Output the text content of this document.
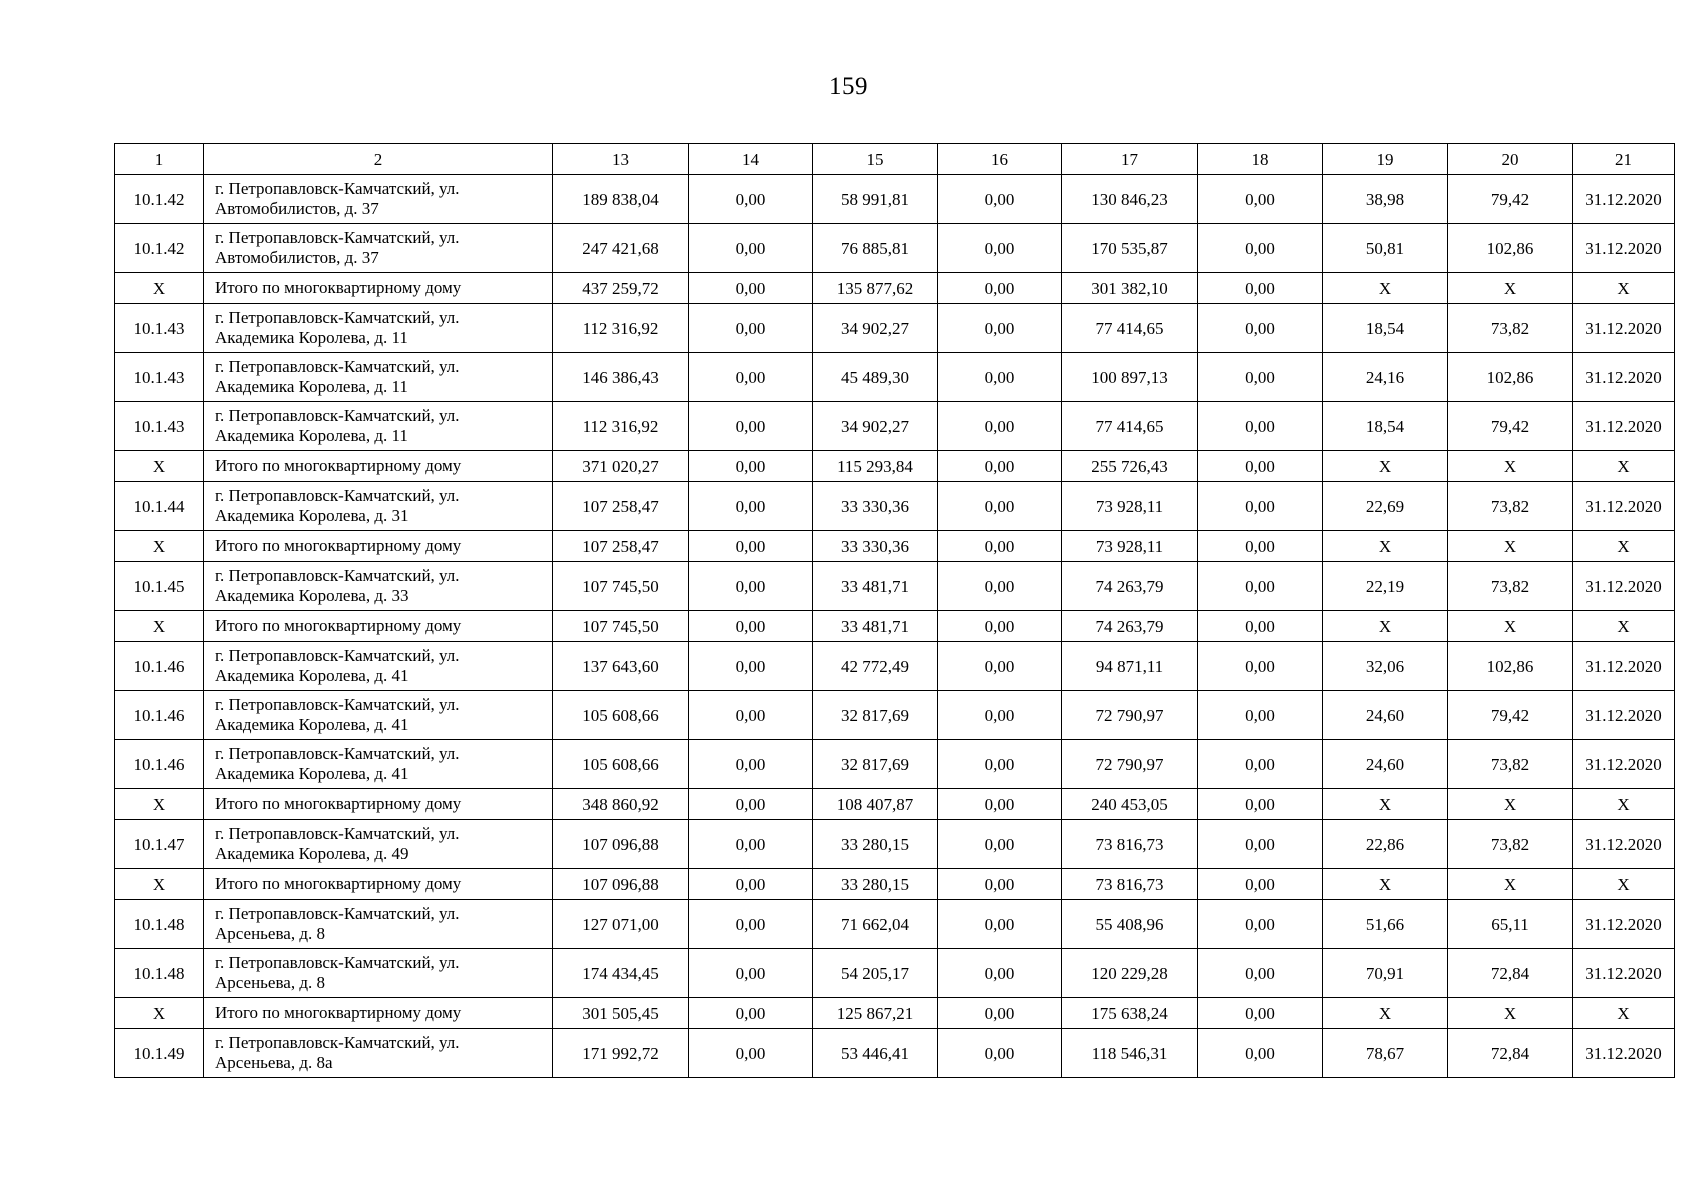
159
1	2	13	14	15	16	17	18	19	20	21
10.1.42	г. Петропавловск-Камчатский, ул.
Автомобилистов, д. 37	189 838,04	0,00	58 991,81	0,00	130 846,23	0,00	38,98	79,42	31.12.2020
10.1.42	г. Петропавловск-Камчатский, ул.
Автомобилистов, д. 37	247 421,68	0,00	76 885,81	0,00	170 535,87	0,00	50,81	102,86	31.12.2020
X	Итого по многоквартирному дому	437 259,72	0,00	135 877,62	0,00	301 382,10	0,00	X	X	X
10.1.43	г. Петропавловск-Камчатский, ул.
Академика Королева, д. 11	112 316,92	0,00	34 902,27	0,00	77 414,65	0,00	18,54	73,82	31.12.2020
10.1.43	г. Петропавловск-Камчатский, ул.
Академика Королева, д. 11	146 386,43	0,00	45 489,30	0,00	100 897,13	0,00	24,16	102,86	31.12.2020
10.1.43	г. Петропавловск-Камчатский, ул.
Академика Королева, д. 11	112 316,92	0,00	34 902,27	0,00	77 414,65	0,00	18,54	79,42	31.12.2020
X	Итого по многоквартирному дому	371 020,27	0,00	115 293,84	0,00	255 726,43	0,00	X	X	X
10.1.44	г. Петропавловск-Камчатский, ул.
Академика Королева, д. 31	107 258,47	0,00	33 330,36	0,00	73 928,11	0,00	22,69	73,82	31.12.2020
X	Итого по многоквартирному дому	107 258,47	0,00	33 330,36	0,00	73 928,11	0,00	X	X	X
10.1.45	г. Петропавловск-Камчатский, ул.
Академика Королева, д. 33	107 745,50	0,00	33 481,71	0,00	74 263,79	0,00	22,19	73,82	31.12.2020
X	Итого по многоквартирному дому	107 745,50	0,00	33 481,71	0,00	74 263,79	0,00	X	X	X
10.1.46	г. Петропавловск-Камчатский, ул.
Академика Королева, д. 41	137 643,60	0,00	42 772,49	0,00	94 871,11	0,00	32,06	102,86	31.12.2020
10.1.46	г. Петропавловск-Камчатский, ул.
Академика Королева, д. 41	105 608,66	0,00	32 817,69	0,00	72 790,97	0,00	24,60	79,42	31.12.2020
10.1.46	г. Петропавловск-Камчатский, ул.
Академика Королева, д. 41	105 608,66	0,00	32 817,69	0,00	72 790,97	0,00	24,60	73,82	31.12.2020
X	Итого по многоквартирному дому	348 860,92	0,00	108 407,87	0,00	240 453,05	0,00	X	X	X
10.1.47	г. Петропавловск-Камчатский, ул.
Академика Королева, д. 49	107 096,88	0,00	33 280,15	0,00	73 816,73	0,00	22,86	73,82	31.12.2020
X	Итого по многоквартирному дому	107 096,88	0,00	33 280,15	0,00	73 816,73	0,00	X	X	X
10.1.48	г. Петропавловск-Камчатский, ул.
Арсеньева, д. 8	127 071,00	0,00	71 662,04	0,00	55 408,96	0,00	51,66	65,11	31.12.2020
10.1.48	г. Петропавловск-Камчатский, ул.
Арсеньева, д. 8	174 434,45	0,00	54 205,17	0,00	120 229,28	0,00	70,91	72,84	31.12.2020
X	Итого по многоквартирному дому	301 505,45	0,00	125 867,21	0,00	175 638,24	0,00	X	X	X
10.1.49	г. Петропавловск-Камчатский, ул.
Арсеньева, д. 8а	171 992,72	0,00	53 446,41	0,00	118 546,31	0,00	78,67	72,84	31.12.2020
